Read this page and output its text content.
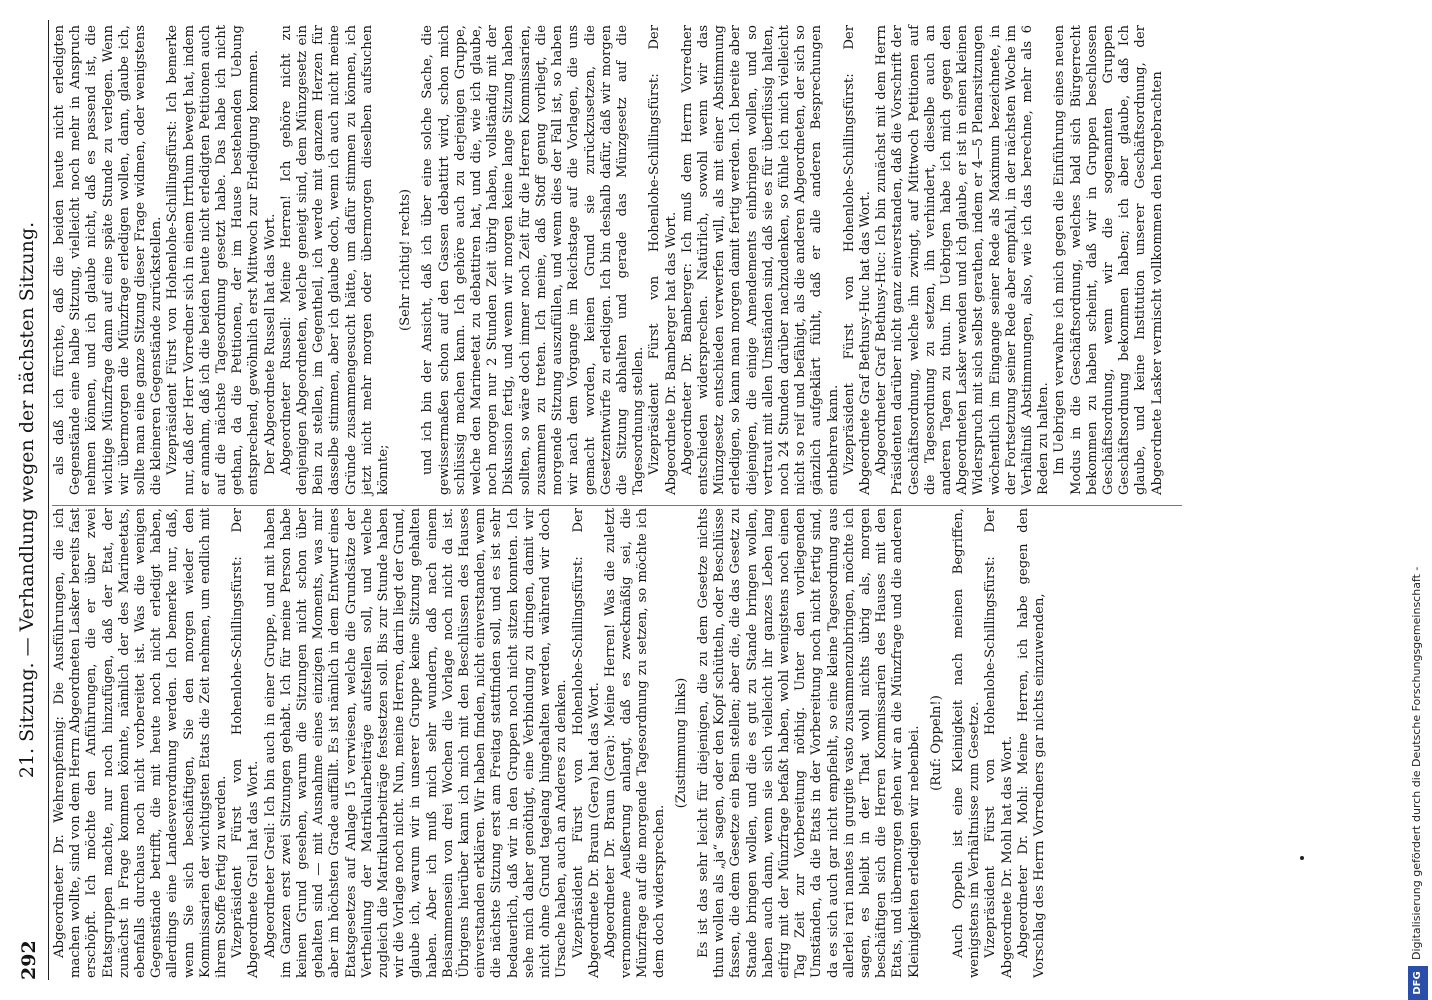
292
21. Sitzung. — Verhandlung wegen der nächsten Sitzung. Abgeordneter Dr. Wehrenpfennig: Die Ausführungen, die ich machen wollte, sind von dem Herrn Abgeordneten Lasker bereits fast erschöpft. Ich möchte den Anführungen, die er über zwei Etatsgruppen machte, nur noch hinzufügen, daß der Etat, der zunächst in Frage kommen könnte, nämlich der des Marineetats, ebenfalls durchaus noch nicht vorbereitet ist. Was die wenigen Gegenstände betrifft, die mit heute noch nicht erledigt haben, allerdings eine Landesverordnung werden. Ich bemerke nur, daß, wenn Sie sich beschäftigen, Sie den morgen wieder den Kommissarien der wichtigsten Etats die Zeit nehmen, um endlich mit ihrem Stoffe fertig zu werden. Vizepräsident Fürst von Hohenlohe-Schillingsfürst: Der Abgeordnete Greil hat das Wort. Abgeordneter Greil: Ich bin auch in einer Gruppe, und mit haben im Ganzen erst zwei Sitzungen gehabt. Ich für meine Person habe keinen Grund gesehen, warum die Sitzungen nicht schon über gehalten sind — mit Ausnahme eines einzigen Moments, was mir aber im höchsten Grade auffällt. Es ist nämlich in dem Entwurf eines Etatsgesetzes auf Anlage 15 verwiesen, welche die Grundsätze der Vertheilung der Matrikularbeiträge aufstellen soll, und welche zugleich die Matrikularbeiträge festsetzen soll. Bis zur Stunde haben wir die Vorlage noch nicht. Nun, meine Herren, darin liegt der Grund, glaube ich, warum wir in unserer Gruppe keine Sitzung gehalten haben. Aber ich muß mich sehr wundern, daß nach einem Beisammensein von drei Wochen die Vorlage noch nicht da ist. Übrigens hierüber kann ich mich mit den Beschlüssen des Hauses einverstanden erklären. Wir haben finden, nicht einverstanden, wenn die nächste Sitzung erst am Freitag stattfinden soll, und es ist sehr bedauerlich, daß wir in den Gruppen noch nicht sitzen konnten. Ich sehe mich daher genöthigt, eine Verbindung zu dringen, damit wir nicht ohne Grund tagelang hingehalten werden, während wir doch Ursache haben, auch an Anderes zu denken. Vizepräsident Fürst von Hohenlohe-Schillingsfürst: Der Abgeordnete Dr. Braun (Gera) hat das Wort. Abgeordneter Dr. Braun (Gera): Meine Herren! Was die zuletzt vernommene Aeußerung anlangt, daß es zweckmäßig sei, die Münzfrage auf die morgende Tagesordnung zu setzen, so möchte ich dem doch widersprechen.

(Zustimmung links) Es ist das sehr leicht für diejenigen, die zu dem Gesetze nichts thun wollen als „ja“ sagen, oder den Kopf schütteln, oder Beschlüsse fassen, die dem Gesetze ein Bein stellen; aber die, die das Gesetz zu Stande bringen wollen, und die es gut zu Stande bringen wollen, haben auch dann, wenn sie sich vielleicht ihr ganzes Leben lang eifrig mit der Münzfrage befaßt haben, wohl wenigstens noch einen Tag Zeit zur Vorbereitung nöthig. Unter den vorliegenden Umständen, da die Etats in der Vorbereitung noch nicht fertig sind, da es sich auch gar nicht empfiehlt, so eine kleine Tagesordnung aus allerlei rari nantes in gurgite vasto zusammenzubringen, möchte ich sagen, es bleibt in der That wohl nichts übrig als, morgen beschäftigen sich die Herren Kommissarien des Hauses mit den Etats, und übermorgen gehen wir an die Münzfrage und die anderen Kleinigkeiten erledigen wir nebenbei. (Ruf: Oppeln!) Auch Oppeln ist eine Kleinigkeit nach meinen Begriffen, wenigstens im Verhältnisse zum Gesetze. Vizepräsident Fürst von Hohenlohe-Schillingsfürst: Der Abgeordnete Dr. Mohl hat das Wort. Abgeordneter Dr. Mohl: Meine Herren, ich habe gegen den Vorschlag des Herrn Vorredners gar nichts einzuwenden,

als daß ich fürchte, daß die beiden heute nicht erledigten Gegenstände eine halbe Sitzung, vielleicht noch mehr in Anspruch nehmen können, und ich glaube nicht, daß es passend ist, die wichtige Münzfrage dann auf eine späte Stunde zu verlegen. Wenn wir übermorgen die Münzfrage erledigen wollen, dann, glaube ich, sollte man eine ganze Sitzung dieser Frage widmen, oder wenigstens die kleineren Gegenstände zurückstellen. Vizepräsident Fürst von Hohenlohe-Schillingsfürst: Ich bemerke nur, daß der Herr Vorredner sich in einem Irrthum bewegt hat, indem er annahm, daß ich die beiden heute nicht erledigten Petitionen auch auf die nächste Tagesordnung gesetzt habe. Das habe ich nicht gethan, da die Petitionen, der im Hause bestehenden Uebung entsprechend, gewöhnlich erst Mittwoch zur Erledigung kommen. Der Abgeordnete Russell hat das Wort. Abgeordneter Russell: Meine Herren! Ich gehöre nicht zu denjenigen Abgeordneten, welche geneigt sind, dem Münzgesetz ein Bein zu stellen, im Gegentheil, ich werde mit ganzem Herzen für dasselbe stimmen, aber ich glaube doch, wenn ich auch nicht meine Gründe zusammengesucht hätte, um dafür stimmen zu können, ich jetzt nicht mehr morgen oder übermorgen dieselben aufsuchen könnte;

(Sehr richtig! rechts) und ich bin der Ansicht, daß ich über eine solche Sache, die gewissermaßen schon auf den Gassen debattirt wird, schon mich schlüssig machen kann. Ich gehöre auch zu derjenigen Gruppe, welche den Marineetat zu debattiren hat, und die, wie ich glaube, noch morgen nur 2 Stunden Zeit übrig haben, vollständig mit der Diskussion fertig, und wenn wir morgen keine lange Sitzung haben sollten, so wäre doch immer noch Zeit für die Herren Kommissarien, zusammen zu treten. Ich meine, daß Stoff genug vorliegt, die morgende Sitzung auszufüllen, und wenn dies der Fall ist, so haben wir nach dem Vorgange im Reichstage auf die Vorlagen, die uns gemacht worden, keinen Grund sie zurückzusetzen, die Gesetzentwürfe zu erledigen. Ich bin deshalb dafür, daß wir morgen die Sitzung abhalten und gerade das Münzgesetz auf die Tagesordnung stellen. Vizepräsident Fürst von Hohenlohe-Schillingsfürst: Der Abgeordnete Dr. Bamberger hat das Wort. Abgeordneter Dr. Bamberger: Ich muß dem Herrn Vorredner entschieden widersprechen. Natürlich, sowohl wenn wir das Münzgesetz entschieden verwerfen will, als mit einer Abstimmung erledigen, so kann man morgen damit fertig werden. Ich bereite aber diejenigen, die einige Amendements einbringen wollen, und so vertraut mit allen Umständen sind, daß sie es für überflüssig halten, noch 24 Stunden darüber nachzudenken, so fühle ich mich vielleicht nicht so reif und befähigt, als die anderen Abgeordneten, der sich so gänzlich aufgeklärt fühlt, daß er alle anderen Besprechungen entbehren kann. Vizepräsident Fürst von Hohenlohe-Schillingsfürst: Der Abgeordnete Graf Bethusy-Huc hat das Wort. Abgeordneter Graf Bethusy-Huc: Ich bin zunächst mit dem Herrn Präsidenten darüber nicht ganz einverstanden, daß die Vorschrift der Geschäftsordnung, welche ihn zwingt, auf Mittwoch Petitionen auf die Tagesordnung zu setzen, ihn verhindert, dieselbe auch an anderen Tagen zu thun. Im Uebrigen habe ich mich gegen den Abgeordneten Lasker wenden und ich glaube, er ist in einen kleinen Widerspruch mit sich selbst gerathen, indem er 4—5 Plenarsitzungen wöchentlich im Eingange seiner Rede als Maximum bezeichnete, in der Fortsetzung seiner Rede aber empfahl, in der nächsten Woche im Verhältniß Abstimmungen, also, wie ich das berechne, mehr als 6 Reden zu halten. Im Uebrigen verwahre ich mich gegen die Einführung eines neuen Modus in die Geschäftsordnung, welches bald sich Bürgerrecht bekommen zu haben scheint, daß wir in Gruppen beschlossen Geschäftsordnung, wenn wir die sogenannten Gruppen Geschäftsordnung bekommen haben; ich aber glaube, daß Ich glaube, und keine Institution unserer Geschäftsordnung, der Abgeordnete Lasker vermischt vollkommen den hergebrachten

DFG
Digitalisierung gefördert durch die Deutsche Forschungsgemeinschaft -
